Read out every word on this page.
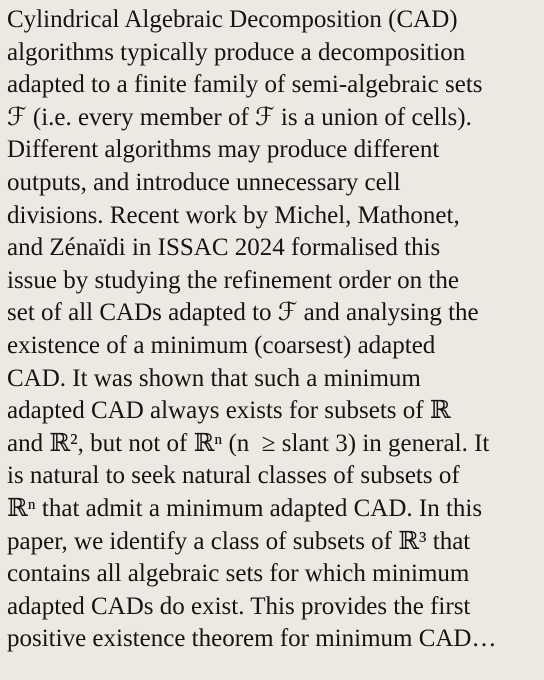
Cylindrical Algebraic Decomposition (CAD)
algorithms typically produce a decomposition
adapted to a finite family of semi-algebraic sets
ℱ (i.e. every member of ℱ is a union of cells).
Different algorithms may produce different
outputs, and introduce unnecessary cell
divisions. Recent work by Michel, Mathonet,
and Zénaïdi in ISSAC 2024 formalised this
issue by studying the refinement order on the
set of all CADs adapted to ℱ and analysing the
existence of a minimum (coarsest) adapted
CAD. It was shown that such a minimum
adapted CAD always exists for subsets of ℝ
and ℝ², but not of ℝⁿ (n  ≥ slant 3) in general. It
is natural to seek natural classes of subsets of
ℝⁿ that admit a minimum adapted CAD. In this
paper, we identify a class of subsets of ℝ³ that
contains all algebraic sets for which minimum
adapted CADs do exist. This provides the first
positive existence theorem for minimum CAD…
